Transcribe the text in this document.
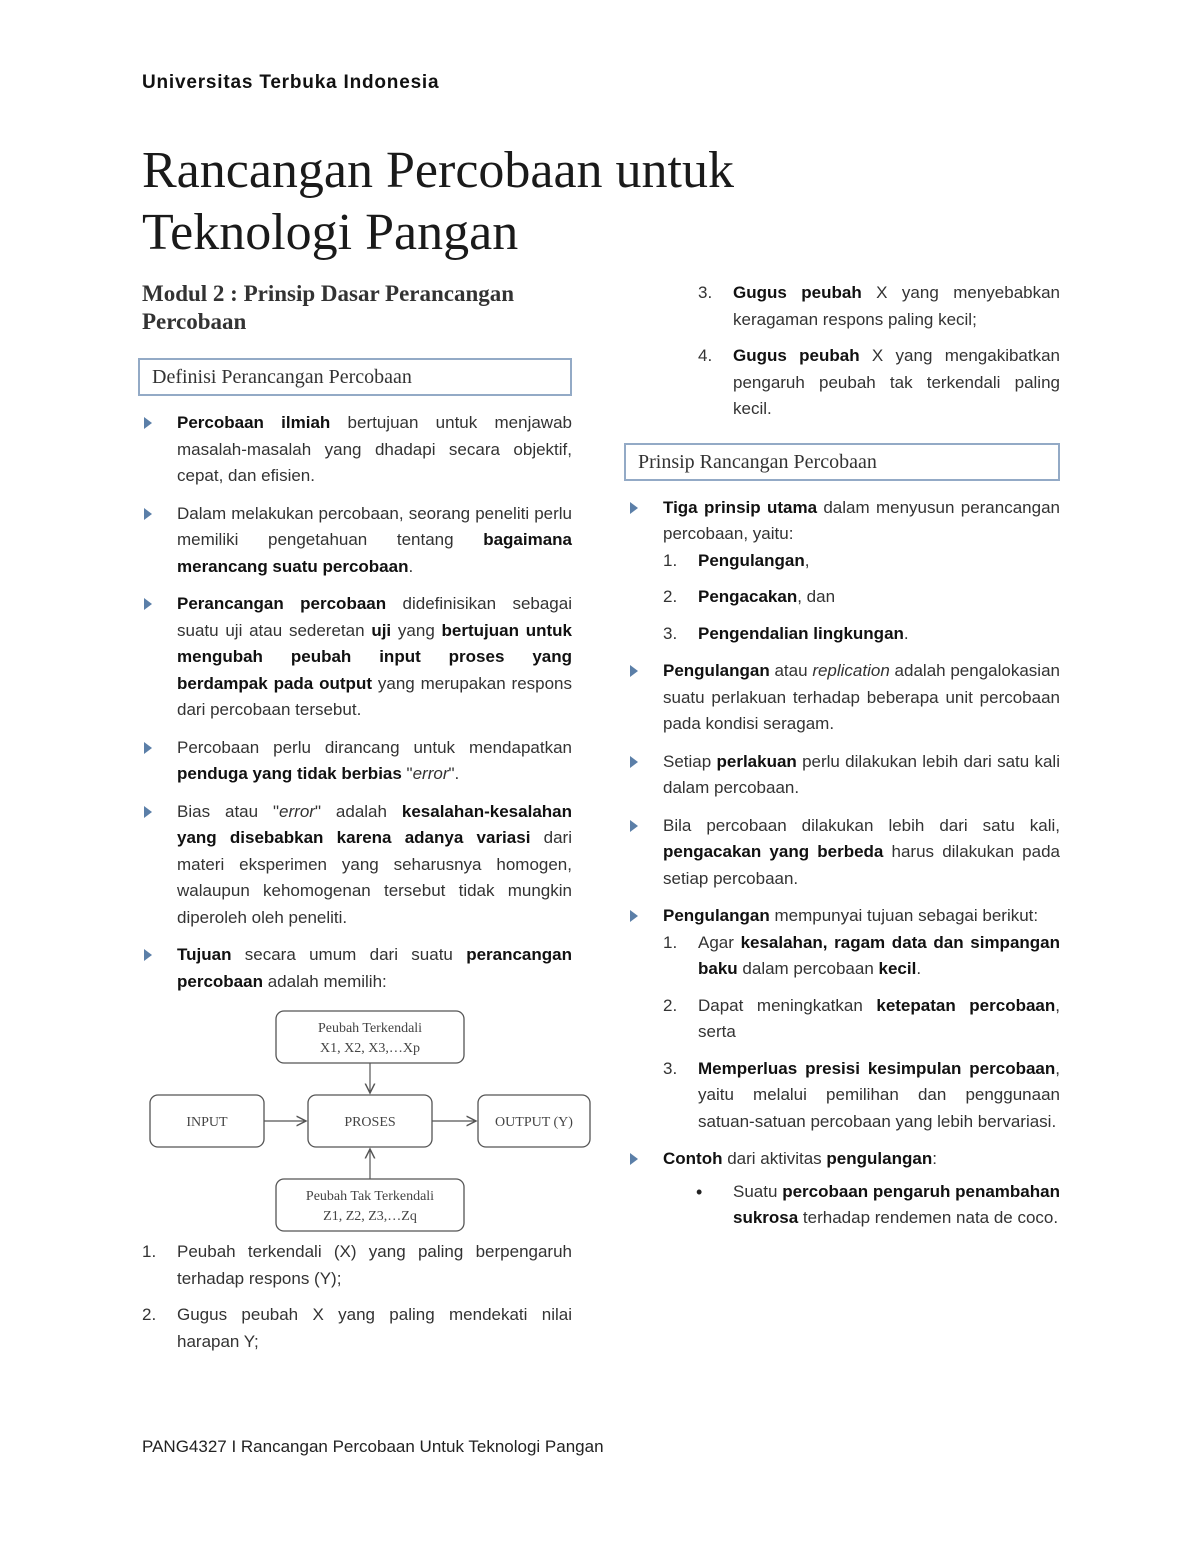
Universitas Terbuka Indonesia
Rancangan Percobaan untuk
Teknologi Pangan
Modul 2 : Prinsip Dasar Perancangan
Percobaan
Definisi Perancangan Percobaan
Percobaan ilmiah bertujuan untuk menjawab masalah-masalah yang dhadapi secara objektif, cepat, dan efisien.
Dalam melakukan percobaan, seorang peneliti perlu memiliki pengetahuan tentang bagaimana merancang suatu percobaan.
Perancangan percobaan didefinisikan sebagai suatu uji atau sederetan uji yang bertujuan untuk mengubah peubah input proses yang berdampak pada output yang merupakan respons dari percobaan tersebut.
Percobaan perlu dirancang untuk mendapatkan penduga yang tidak berbias "error".
Bias atau "error" adalah kesalahan-kesalahan yang disebabkan karena adanya variasi dari materi eksperimen yang seharusnya homogen, walaupun kehomogenan tersebut tidak mungkin diperoleh oleh peneliti.
Tujuan secara umum dari suatu perancangan percobaan adalah memilih:
Peubah Terkendali
X1, X2, X3,…Xp
INPUT	PROSES	OUTPUT (Y)
Peubah Tak Terkendali
Z1, Z2, Z3,…Zq
1. Peubah terkendali (X) yang paling berpengaruh terhadap respons (Y);
2. Gugus peubah X yang paling mendekati nilai harapan Y;
3. Gugus peubah X yang menyebabkan keragaman respons paling kecil;
4. Gugus peubah X yang mengakibatkan pengaruh peubah tak terkendali paling kecil.
Prinsip Rancangan Percobaan
Tiga prinsip utama dalam menyusun perancangan percobaan, yaitu:
1. Pengulangan,
2. Pengacakan, dan
3. Pengendalian lingkungan.
Pengulangan atau replication adalah pengalokasian suatu perlakuan terhadap beberapa unit percobaan pada kondisi seragam.
Setiap perlakuan perlu dilakukan lebih dari satu kali dalam percobaan.
Bila percobaan dilakukan lebih dari satu kali, pengacakan yang berbeda harus dilakukan pada setiap percobaan.
Pengulangan mempunyai tujuan sebagai berikut:
1. Agar kesalahan, ragam data dan simpangan baku dalam percobaan kecil.
2. Dapat meningkatkan ketepatan percobaan, serta
3. Memperluas presisi kesimpulan percobaan, yaitu melalui pemilihan dan penggunaan satuan-satuan percobaan yang lebih bervariasi.
Contoh dari aktivitas pengulangan:
• Suatu percobaan pengaruh penambahan sukrosa terhadap rendemen nata de coco.
PANG4327 I Rancangan Percobaan Untuk Teknologi Pangan
